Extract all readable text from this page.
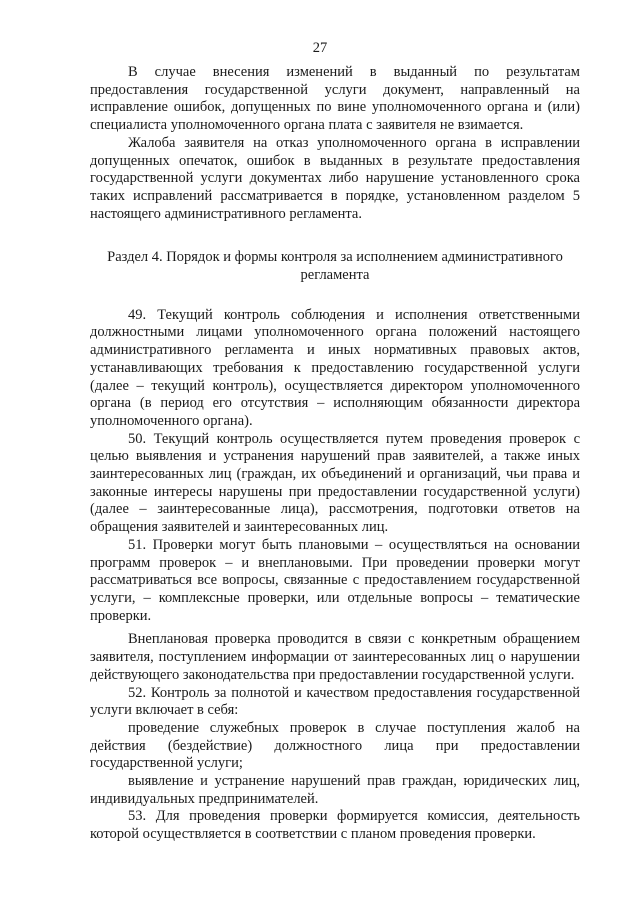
27

В случае внесения изменений в выданный по результатам предоставления государственной услуги документ, направленный на исправление ошибок, допущенных по вине уполномоченного органа и (или) специалиста уполномоченного органа плата с заявителя не взимается.

Жалоба заявителя на отказ уполномоченного органа в исправлении допущенных опечаток, ошибок в выданных в результате предоставления государственной услуги документах либо нарушение установленного срока таких исправлений рассматривается в порядке, установленном разделом 5 настоящего административного регламента.

Раздел 4. Порядок и формы контроля за исполнением административного регламента

49. Текущий контроль соблюдения и исполнения ответственными должностными лицами уполномоченного органа положений настоящего административного регламента и иных нормативных правовых актов, устанавливающих требования к предоставлению государственной услуги (далее – текущий контроль), осуществляется директором уполномоченного органа (в период его отсутствия – исполняющим обязанности директора уполномоченного органа).

50. Текущий контроль осуществляется путем проведения проверок с целью выявления и устранения нарушений прав заявителей, а также иных заинтересованных лиц (граждан, их объединений и организаций, чьи права и законные интересы нарушены при предоставлении государственной услуги) (далее – заинтересованные лица), рассмотрения, подготовки ответов на обращения заявителей и заинтересованных лиц.

51. Проверки могут быть плановыми – осуществляться на основании программ проверок – и внеплановыми. При проведении проверки могут рассматриваться все вопросы, связанные с предоставлением государственной услуги, – комплексные проверки, или отдельные вопросы – тематические проверки.

Внеплановая проверка проводится в связи с конкретным обращением заявителя, поступлением информации от заинтересованных лиц о нарушении действующего законодательства при предоставлении государственной услуги.

52. Контроль за полнотой и качеством предоставления государственной услуги включает в себя:

проведение служебных проверок в случае поступления жалоб на действия (бездействие) должностного лица при предоставлении государственной услуги;

выявление и устранение нарушений прав граждан, юридических лиц, индивидуальных предпринимателей.

53. Для проведения проверки формируется комиссия, деятельность которой осуществляется в соответствии с планом проведения проверки.
